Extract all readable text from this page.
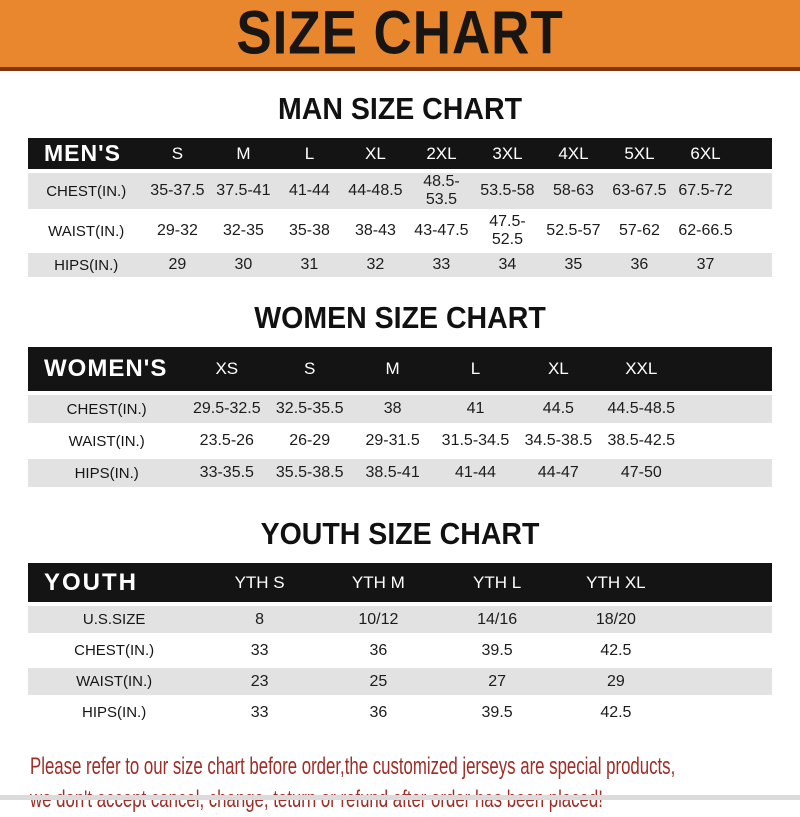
SIZE CHART
MAN SIZE CHART
MEN'S	S	M	L	XL	2XL	3XL	4XL	5XL	6XL	
CHEST(IN.)	35-37.5	37.5-41	41-44	44-48.5	48.5-53.5	53.5-58	58-63	63-67.5	67.5-72	
WAIST(IN.)	29-32	32-35	35-38	38-43	43-47.5	47.5-52.5	52.5-57	57-62	62-66.5	
HIPS(IN.)	29	30	31	32	33	34	35	36	37	
WOMEN SIZE CHART
WOMEN'S	XS	S	M	L	XL	XXL	
CHEST(IN.)	29.5-32.5	32.5-35.5	38	41	44.5	44.5-48.5	
WAIST(IN.)	23.5-26	26-29	29-31.5	31.5-34.5	34.5-38.5	38.5-42.5	
HIPS(IN.)	33-35.5	35.5-38.5	38.5-41	41-44	44-47	47-50	
YOUTH SIZE CHART
YOUTH	YTH S	YTH M	YTH L	YTH XL	
U.S.SIZE	8	10/12	14/16	18/20	
CHEST(IN.)	33	36	39.5	42.5	
WAIST(IN.)	23	25	27	29	
HIPS(IN.)	33	36	39.5	42.5	

Please refer to our size chart before order,the customized jerseys are special products,
